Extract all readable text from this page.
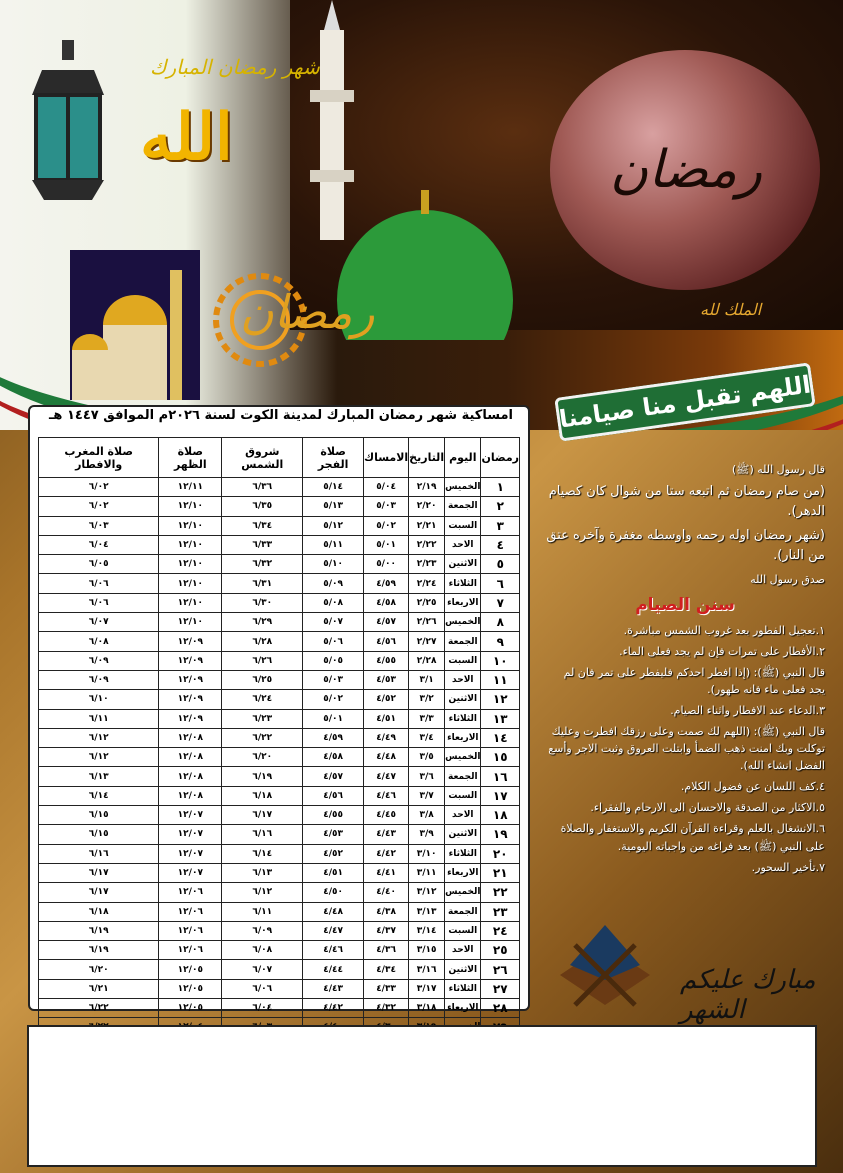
شهر رمضان المبارك
الله	رمضان
الملك لله
رمضان
اللهم تقبل منا صيامنا
رمضان	اليوم	التاريخ	الامساك	صلاة الفجر	شروق الشمس	صلاة الظهر	صلاة المغرب والافطار
١	الخميس	٢/١٩	٥/٠٤	٥/١٤	٦/٣٦	١٢/١١	٦/٠٢
٢	الجمعة	٢/٢٠	٥/٠٣	٥/١٣	٦/٣٥	١٢/١٠	٦/٠٢
٣	السبت	٢/٢١	٥/٠٢	٥/١٢	٦/٣٤	١٢/١٠	٦/٠٣
٤	الاحد	٢/٢٢	٥/٠١	٥/١١	٦/٣٣	١٢/١٠	٦/٠٤
٥	الاثنين	٢/٢٣	٥/٠٠	٥/١٠	٦/٣٢	١٢/١٠	٦/٠٥
٦	الثلاثاء	٢/٢٤	٤/٥٩	٥/٠٩	٦/٣١	١٢/١٠	٦/٠٦
٧	الاربعاء	٢/٢٥	٤/٥٨	٥/٠٨	٦/٣٠	١٢/١٠	٦/٠٦
٨	الخميس	٢/٢٦	٤/٥٧	٥/٠٧	٦/٢٩	١٢/١٠	٦/٠٧
٩	الجمعة	٢/٢٧	٤/٥٦	٥/٠٦	٦/٢٨	١٢/٠٩	٦/٠٨
١٠	السبت	٢/٢٨	٤/٥٥	٥/٠٥	٦/٢٦	١٢/٠٩	٦/٠٩
١١	الاحد	٣/١	٤/٥٣	٥/٠٣	٦/٢٥	١٢/٠٩	٦/٠٩
١٢	الاثنين	٣/٢	٤/٥٢	٥/٠٢	٦/٢٤	١٢/٠٩	٦/١٠
١٣	الثلاثاء	٣/٣	٤/٥١	٥/٠١	٦/٢٣	١٢/٠٩	٦/١١
١٤	الاربعاء	٣/٤	٤/٤٩	٤/٥٩	٦/٢٢	١٢/٠٨	٦/١٢
١٥	الخميس	٣/٥	٤/٤٨	٤/٥٨	٦/٢٠	١٢/٠٨	٦/١٢
١٦	الجمعة	٣/٦	٤/٤٧	٤/٥٧	٦/١٩	١٢/٠٨	٦/١٣
١٧	السبت	٣/٧	٤/٤٦	٤/٥٦	٦/١٨	١٢/٠٨	٦/١٤
١٨	الاحد	٣/٨	٤/٤٥	٤/٥٥	٦/١٧	١٢/٠٧	٦/١٥
١٩	الاثنين	٣/٩	٤/٤٣	٤/٥٣	٦/١٦	١٢/٠٧	٦/١٥
٢٠	الثلاثاء	٣/١٠	٤/٤٢	٤/٥٢	٦/١٤	١٢/٠٧	٦/١٦
٢١	الاربعاء	٣/١١	٤/٤١	٤/٥١	٦/١٣	١٢/٠٧	٦/١٧
٢٢	الخميس	٣/١٢	٤/٤٠	٤/٥٠	٦/١٢	١٢/٠٦	٦/١٧
٢٣	الجمعة	٣/١٣	٤/٣٨	٤/٤٨	٦/١١	١٢/٠٦	٦/١٨
٢٤	السبت	٣/١٤	٤/٣٧	٤/٤٧	٦/٠٩	١٢/٠٦	٦/١٩
٢٥	الاحد	٣/١٥	٤/٣٦	٤/٤٦	٦/٠٨	١٢/٠٦	٦/١٩
٢٦	الاثنين	٣/١٦	٤/٣٤	٤/٤٤	٦/٠٧	١٢/٠٥	٦/٢٠
٢٧	الثلاثاء	٣/١٧	٤/٣٣	٤/٤٣	٦/٠٦	١٢/٠٥	٦/٢١
٢٨	الاربعاء	٣/١٨	٤/٣٢	٤/٤٢	٦/٠٤	١٢/٠٥	٦/٢٢

امساكية شهر رمضان المبارك لمدينة الكوت لسنة ٢٠٢٦م الموافق ١٤٤٧ هـ

قال رسول الله (ﷺ)

(من صام رمضان ثم اتبعه ستا من شوال كان كصيام الدهر).

(شهر رمضان اوله رحمه واوسطه مغفرة وآخره عتق من النار).

صدق رسول الله

سنن الصيام

١.تعجيل الفطور بعد غروب الشمس مباشرة.

٢.الأفطار على تمرات فإن لم يجد فعلى الماء.

قال النبي (ﷺ): (إذا افطر احدكم فليفطر على تمر فان لم يجد فعلى ماء فانه طهور).

٣.الدعاء عند الافطار واثناء الصيام.

قال النبي (ﷺ): (اللهم لك صمت وعلى رزقك افطرت وعليك توكلت وبك امنت ذهب الضمأ وابتلت العروق وثبت الاجر وأسع الفضل انشاء الله).

٤.كف اللسان عن فضول الكلام.

٥.الاكثار من الصدقة والاحسان الى الارحام والفقراء.

٦.الانشغال بالعلم وقراءة القرآن الكريم والاستغفار والصلاة على النبي (ﷺ) بعد فراغه من واجباته اليومية.

٧.تأخير السحور.

مبارك عليكم الشهر
